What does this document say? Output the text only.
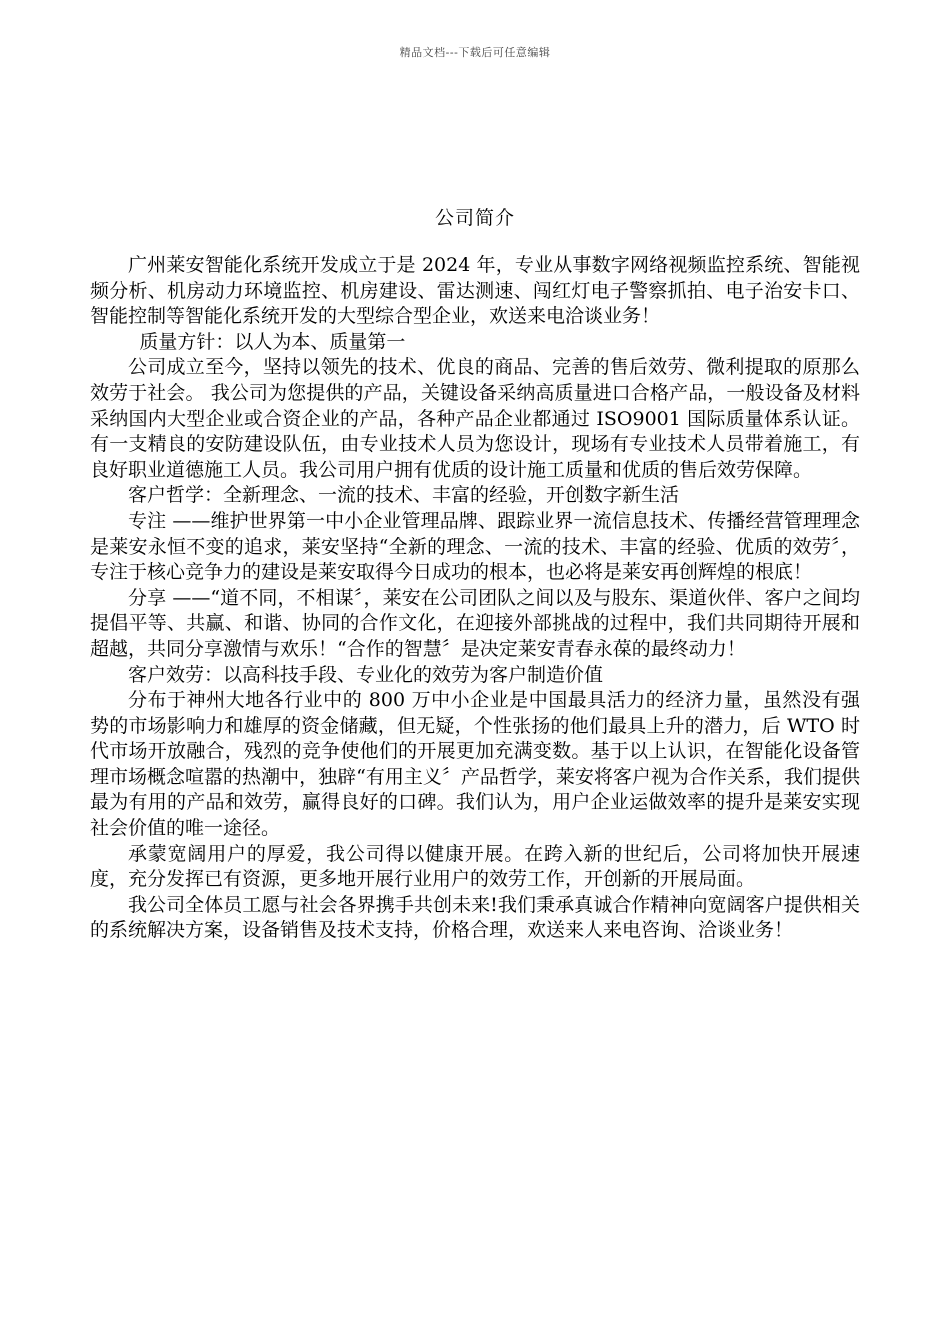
精品文档---下载后可任意编辑
公司简介

广州莱安智能化系统开发成立于是 2024 年，专业从事数字网络视频监控系统、智能视频分析、机房动力环境监控、机房建设、雷达测速、闯红灯电子警察抓拍、电子治安卡口、智能控制等智能化系统开发的大型综合型企业，欢送来电洽谈业务！

质量方针：以人为本、质量第一

公司成立至今，坚持以领先的技术、优良的商品、完善的售后效劳、微利提取的原那么效劳于社会。 我公司为您提供的产品，关键设备采纳高质量进口合格产品，一般设备及材料采纳国内大型企业或合资企业的产品，各种产品企业都通过 ISO9001 国际质量体系认证。有一支精良的安防建设队伍，由专业技术人员为您设计，现场有专业技术人员带着施工，有良好职业道德施工人员。我公司用户拥有优质的设计施工质量和优质的售后效劳保障。

客户哲学：全新理念、一流的技术、丰富的经验，开创数字新生活

专注 ——维护世界第一中小企业管理品牌、跟踪业界一流信息技术、传播经营管理理念是莱安永恒不变的追求，莱安坚持“全新的理念、一流的技术、丰富的经验、优质的效劳〞，专注于核心竞争力的建设是莱安取得今日成功的根本，也必将是莱安再创辉煌的根底！

分享 ——“道不同，不相谋〞，莱安在公司团队之间以及与股东、渠道伙伴、客户之间均提倡平等、共赢、和谐、协同的合作文化，在迎接外部挑战的过程中，我们共同期待开展和超越，共同分享激情与欢乐！“合作的智慧〞是决定莱安青春永葆的最终动力！

客户效劳：以高科技手段、专业化的效劳为客户制造价值

分布于神州大地各行业中的 800 万中小企业是中国最具活力的经济力量，虽然没有强势的市场影响力和雄厚的资金储藏，但无疑，个性张扬的他们最具上升的潜力，后 WTO 时代市场开放融合，残烈的竞争使他们的开展更加充满变数。基于以上认识，在智能化设备管理市场概念喧嚣的热潮中，独辟“有用主义〞产品哲学，莱安将客户视为合作关系，我们提供最为有用的产品和效劳，赢得良好的口碑。我们认为，用户企业运做效率的提升是莱安实现社会价值的唯一途径。

承蒙宽阔用户的厚爱，我公司得以健康开展。在跨入新的世纪后，公司将加快开展速度，充分发挥已有资源，更多地开展行业用户的效劳工作，开创新的开展局面。

我公司全体员工愿与社会各界携手共创未来!我们秉承真诚合作精神向宽阔客户提供相关的系统解决方案，设备销售及技术支持，价格合理，欢送来人来电咨询、洽谈业务！
